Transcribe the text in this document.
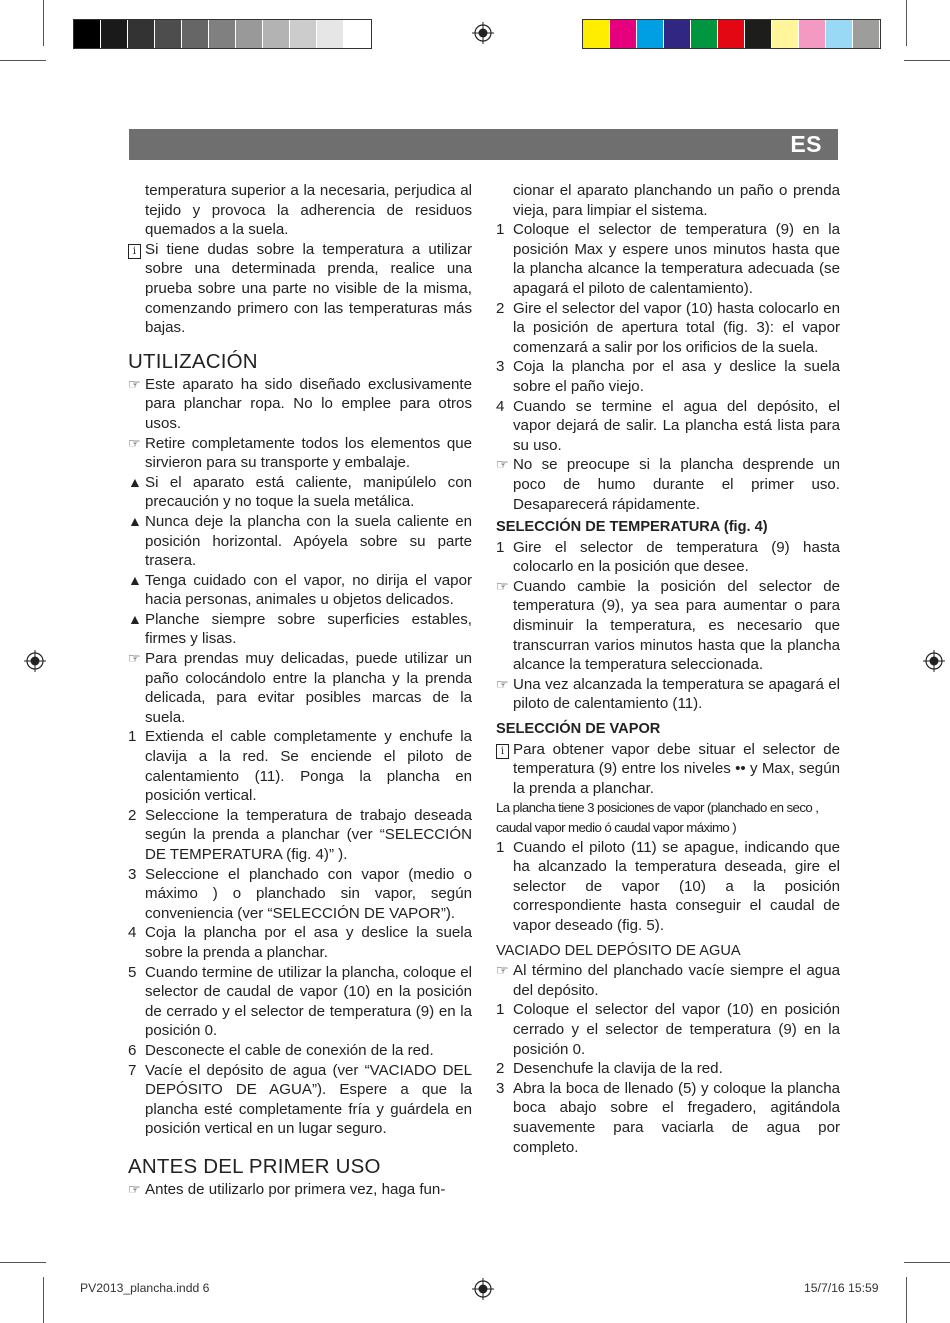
ES
temperatura superior a la necesaria, perjudica al tejido y provoca la adherencia de residuos quemados a la suela.
i Si tiene dudas sobre la temperatura a utilizar sobre una determinada prenda, realice una prueba sobre una parte no visible de la misma, comenzando primero con las temperaturas más bajas.
UTILIZACIÓN
☞ Este aparato ha sido diseñado exclusivamente para planchar ropa. No lo emplee para otros usos.
☞ Retire completamente todos los elementos que sirvieron para su transporte y embalaje.
▲ Si el aparato está caliente, manipúlelo con precaución y no toque la suela metálica.
▲ Nunca deje la plancha con la suela caliente en posición horizontal. Apóyela sobre su parte trasera.
▲ Tenga cuidado con el vapor, no dirija el vapor hacia personas, animales u objetos delicados.
▲ Planche siempre sobre superficies estables, firmes y lisas.
☞ Para prendas muy delicadas, puede utilizar un paño colocándolo entre la plancha y la prenda delicada, para evitar posibles marcas de la suela.
1 Extienda el cable completamente y enchufe la clavija a la red. Se enciende el piloto de calentamiento (11). Ponga la plancha en posición vertical.
2 Seleccione la temperatura de trabajo deseada según la prenda a planchar (ver “SELECCIÓN DE TEMPERATURA (fig. 4)” ).
3 Seleccione el planchado con vapor (medio o máximo ) o planchado sin vapor, según conveniencia (ver “SELECCIÓN DE VAPOR”).
4 Coja la plancha por el asa y deslice la suela sobre la prenda a planchar.
5 Cuando termine de utilizar la plancha, coloque el selector de caudal de vapor (10) en la posición de cerrado y el selector de temperatura (9) en la posición 0.
6 Desconecte el cable de conexión de la red.
7 Vacíe el depósito de agua (ver “VACIADO DEL DEPÓSITO DE AGUA”). Espere a que la plancha esté completamente fría y guárdela en posición vertical en un lugar seguro.
ANTES DEL PRIMER USO
☞ Antes de utilizarlo por primera vez, haga fun-
cionar el aparato planchando un paño o prenda vieja, para limpiar el sistema.
1 Coloque el selector de temperatura (9) en la posición Max y espere unos minutos hasta que la plancha alcance la temperatura adecuada (se apagará el piloto de calentamiento).
2 Gire el selector del vapor (10) hasta colocarlo en la posición de apertura total (fig. 3): el vapor comenzará a salir por los orificios de la suela.
3 Coja la plancha por el asa y deslice la suela sobre el paño viejo.
4 Cuando se termine el agua del depósito, el vapor dejará de salir. La plancha está lista para su uso.
☞ No se preocupe si la plancha desprende un poco de humo durante el primer uso. Desaparecerá rápidamente.
SELECCIÓN DE TEMPERATURA (fig. 4)
1 Gire el selector de temperatura (9) hasta colocarlo en la posición que desee.
☞ Cuando cambie la posición del selector de temperatura (9), ya sea para aumentar o para disminuir la temperatura, es necesario que transcurran varios minutos hasta que la plancha alcance la temperatura seleccionada.
☞ Una vez alcanzada la temperatura se apagará el piloto de calentamiento (11).
SELECCIÓN DE VAPOR
i Para obtener vapor debe situar el selector de temperatura (9) entre los niveles •• y Max, según la prenda a planchar.
La plancha tiene 3 posiciones de vapor (planchado en seco , caudal vapor medio ó caudal vapor máximo )
1 Cuando el piloto (11) se apague, indicando que ha alcanzado la temperatura deseada, gire el selector de vapor (10) a la posición correspondiente hasta conseguir el caudal de vapor deseado (fig. 5).
VACIADO DEL DEPÓSITO DE AGUA
☞ Al término del planchado vacíe siempre el agua del depósito.
1 Coloque el selector del vapor (10) en posición cerrado y el selector de temperatura (9) en la posición 0.
2 Desenchufe la clavija de la red.
3 Abra la boca de llenado (5) y coloque la plancha boca abajo sobre el fregadero, agitándola suavemente para vaciarla de agua por completo.
PV2013_plancha.indd 6	15/7/16 15:59
